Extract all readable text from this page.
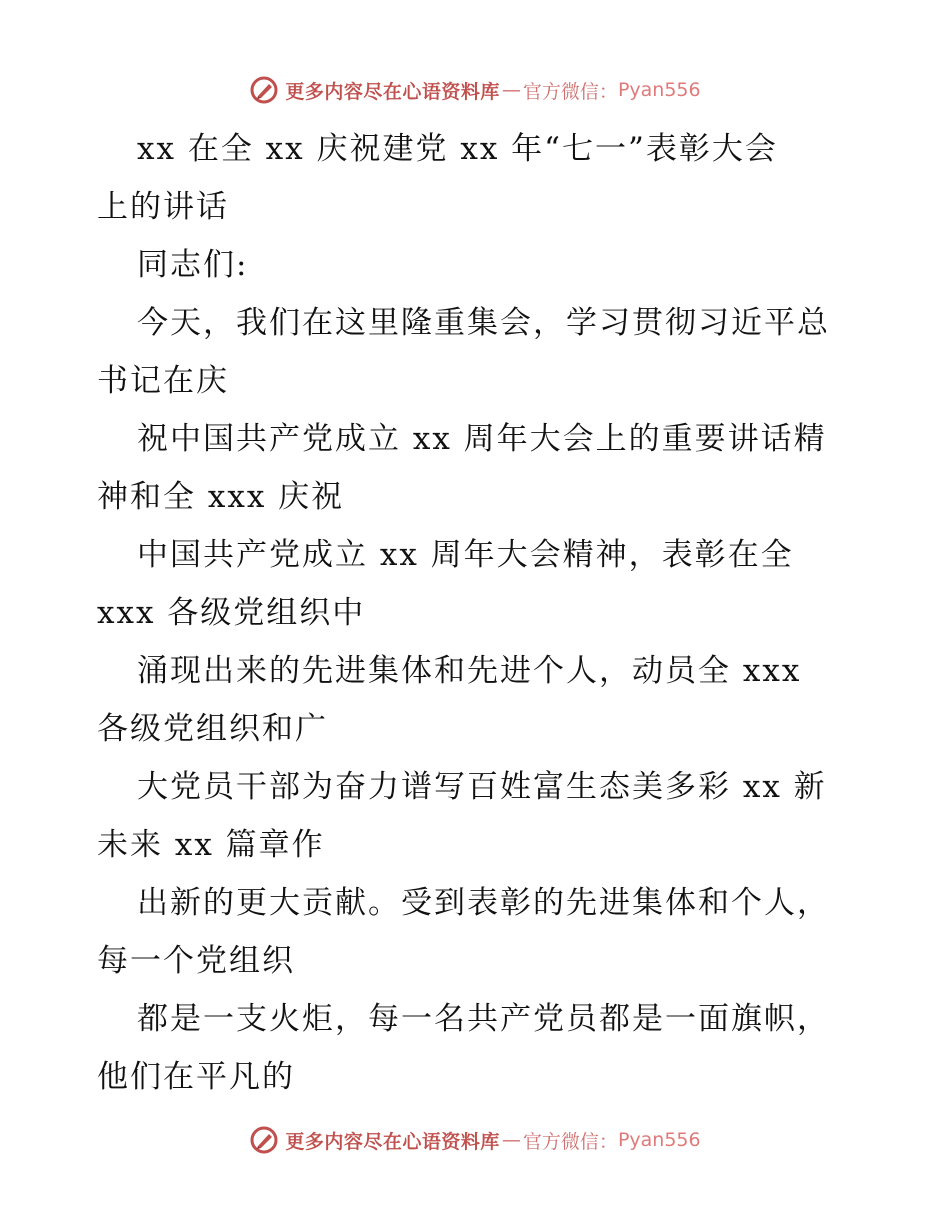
更多内容尽在心语资料库 — 官方微信： Pyan556
xx 在全 xx 庆祝建党 xx 年“七一”表彰大会
上的讲话
同志们:
今天，我们在这里隆重集会，学习贯彻习近平总
书记在庆
祝中国共产党成立 xx 周年大会上的重要讲话精
神和全 xxx 庆祝
中国共产党成立 xx 周年大会精神，表彰在全
xxx 各级党组织中
涌现出来的先进集体和先进个人，动员全 xxx
各级党组织和广
大党员干部为奋力谱写百姓富生态美多彩 xx 新
未来 xx 篇章作
出新的更大贡献。受到表彰的先进集体和个人，
每一个党组织
都是一支火炬，每一名共产党员都是一面旗帜，
他们在平凡的
更多内容尽在心语资料库 — 官方微信： Pyan556
